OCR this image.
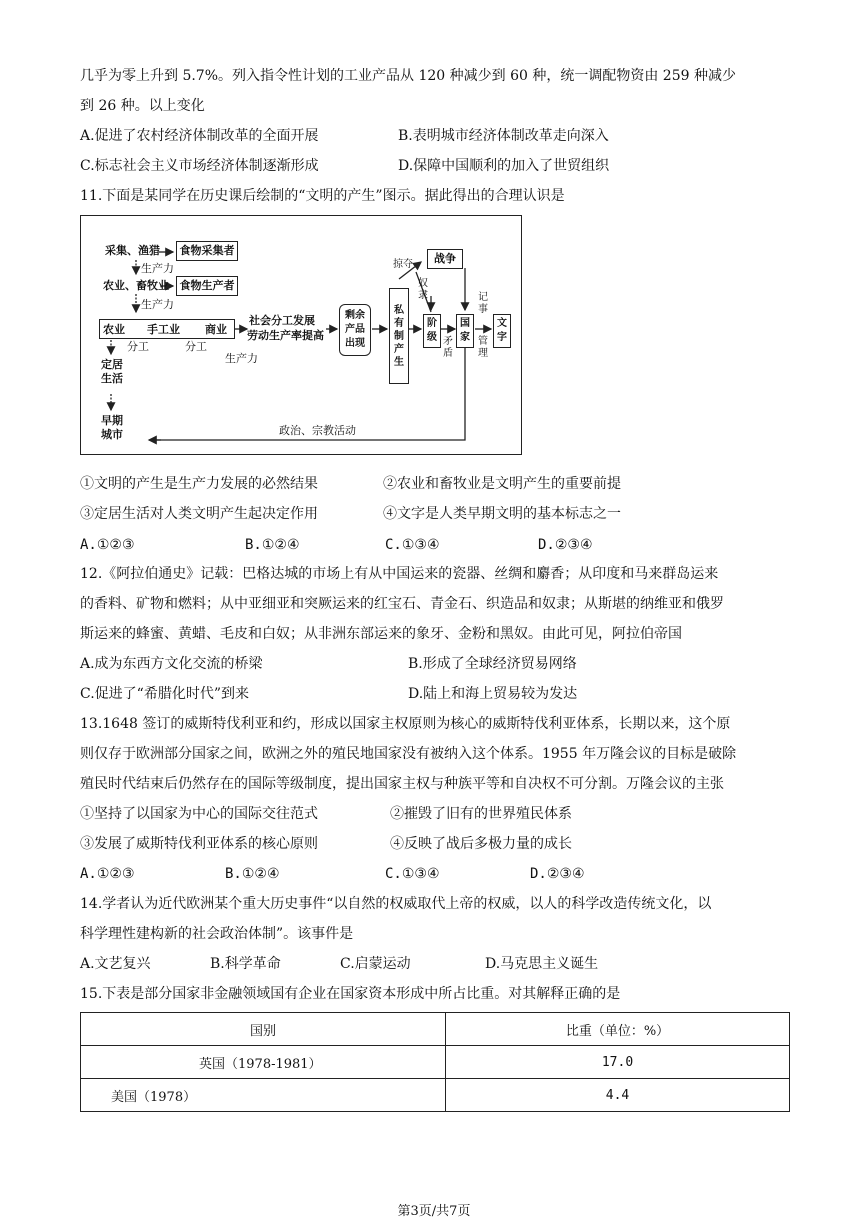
几乎为零上升到 5.7%。列入指令性计划的工业产品从 120 种减少到 60 种，统一调配物资由 259 种减少
到 26 种。以上变化
A.促进了农村经济体制改革的全面开展	B.表明城市经济体制改革走向深入
C.标志社会主义市场经济体制逐渐形成	D.保障中国顺利的加入了世贸组织
11.下面是某同学在历史课后绘制的“文明的产生”图示。据此得出的合理认识是
采集、渔猎	食物采集者
生产力
农业、畜牧业 食物生产者
生产力
农业 手工业 商业
分工	分工
生产力
社会分工发展
劳动生产率提高
剩余产品出现
私有制产生
阶级
国家
文字
战争
掠夺
奴隶
矛盾
记事
管理
定居生活
早期城市	政治、宗教活动
①文明的产生是生产力发展的必然结果	②农业和畜牧业是文明产生的重要前提
③定居生活对人类文明产生起决定作用	④文字是人类早期文明的基本标志之一
A.①②③	B.①②④	C.①③④	D.②③④
12.《阿拉伯通史》记载：巴格达城的市场上有从中国运来的瓷器、丝绸和麝香；从印度和马来群岛运来
的香料、矿物和燃料；从中亚细亚和突厥运来的红宝石、青金石、织造品和奴隶；从斯堪的纳维亚和俄罗
斯运来的蜂蜜、黄蜡、毛皮和白奴；从非洲东部运来的象牙、金粉和黑奴。由此可见，阿拉伯帝国
A.成为东西方文化交流的桥梁	B.形成了全球经济贸易网络
C.促进了“希腊化时代”到来	D.陆上和海上贸易较为发达
13.1648 签订的威斯特伐利亚和约，形成以国家主权原则为核心的威斯特伐利亚体系，长期以来，这个原
则仅存于欧洲部分国家之间，欧洲之外的殖民地国家没有被纳入这个体系。1955 年万隆会议的目标是破除
殖民时代结束后仍然存在的国际等级制度，提出国家主权与种族平等和自决权不可分割。万隆会议的主张
①坚持了以国家为中心的国际交往范式	②摧毁了旧有的世界殖民体系
③发展了威斯特伐利亚体系的核心原则	④反映了战后多极力量的成长
A.①②③	B.①②④	C.①③④	D.②③④
14.学者认为近代欧洲某个重大历史事件“以自然的权威取代上帝的权威，以人的科学改造传统文化，以
科学理性建构新的社会政治体制”。该事件是
A.文艺复兴	B.科学革命	C.启蒙运动	D.马克思主义诞生
15.下表是部分国家非金融领域国有企业在国家资本形成中所占比重。对其解释正确的是
国别	比重（单位：%）
英国（1978-1981）	17.0
美国（1978）	4.4
第3页/共7页
